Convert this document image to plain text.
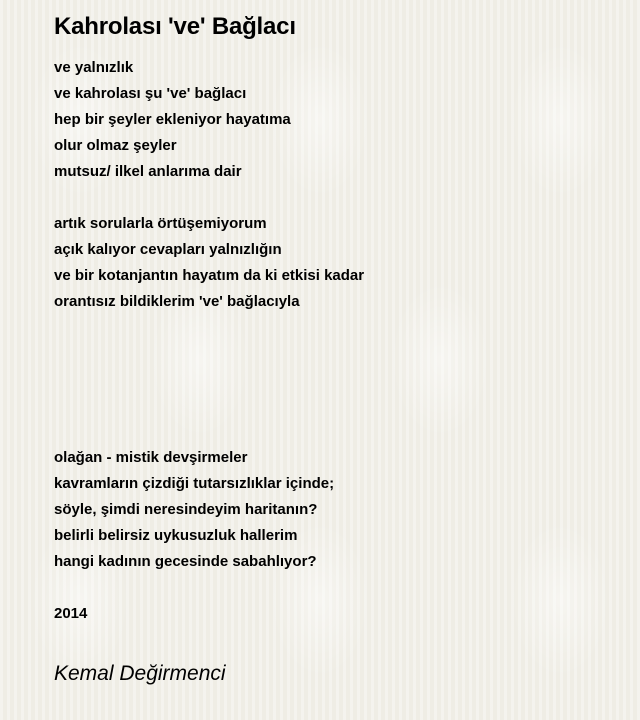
Kahrolası 've' Bağlacı
ve yalnızlık
ve kahrolası şu 've' bağlacı
hep bir şeyler ekleniyor hayatıma
olur olmaz şeyler
mutsuz/ ilkel anlarıma dair
artık sorularla örtüşemiyorum
açık kalıyor cevapları yalnızlığın
ve bir kotanjantın hayatım da ki etkisi kadar
orantısız bildiklerim 've' bağlacıyla
olağan - mistik devşirmeler
kavramların çizdiği tutarsızlıklar içinde;
söyle, şimdi neresindeyim haritanın?
belirli belirsiz uykusuzluk hallerim
hangi kadının gecesinde sabahlıyor?
2014
Kemal Değirmenci
